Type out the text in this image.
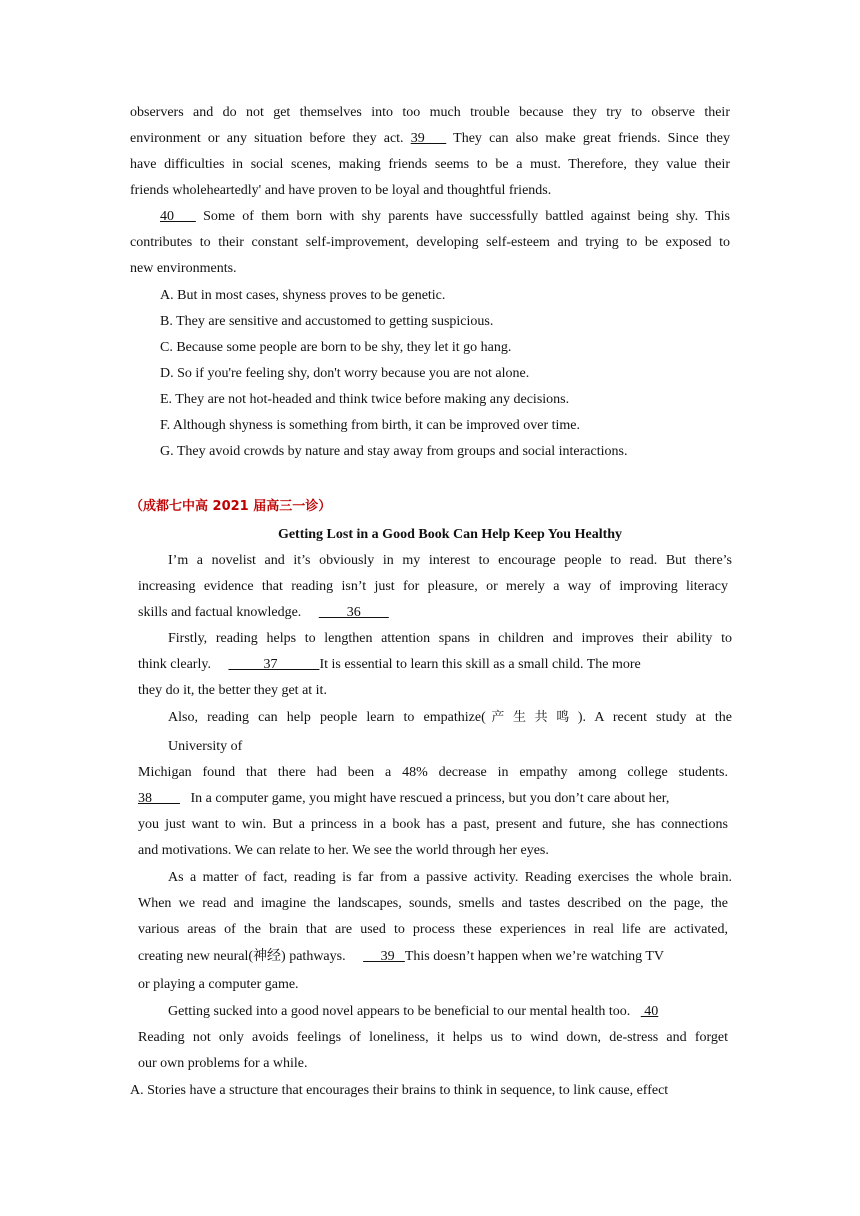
observers and do not get themselves into too much trouble because they try to observe their
environment or any situation before they act. 39    They can also make great friends. Since they
have difficulties in social scenes, making friends seems to be a must. Therefore, they value their
friends wholeheartedly' and have proven to be loyal and thoughtful friends.
40    Some of them born with shy parents have successfully battled against being shy. This
contributes to their constant self-improvement, developing self-esteem and trying to be exposed to
new environments.
A. But in most cases, shyness proves to be genetic.
B. They are sensitive and accustomed to getting suspicious.
C. Because some people are born to be shy, they let it go hang.
D. So if you're feeling shy, don't worry because you are not alone.
E. They are not hot-headed and think twice before making any decisions.
F. Although shyness is something from birth, it can be improved over time.
G. They avoid crowds by nature and stay away from groups and social interactions.
（成都七中高 2021 届高三一诊）
Getting Lost in a Good Book Can Help Keep You Healthy
I’m a novelist and it’s obviously in my interest to encourage people to read. But there’s
increasing evidence that reading isn’t just for pleasure, or merely a way of improving literacy
skills and factual knowledge.             36
Firstly, reading helps to lengthen attention spans in children and improves their ability to
think clearly.               37            It is essential to learn this skill as a small child. The more
they do it, the better they get at it.
Also, reading can help people learn to empathize(产生共鸣). A recent study at the
University of
Michigan found that there had been a 48% decrease in empathy among college students.
38           In a computer game, you might have rescued a princess, but you don’t care about her,
you just want to win. But a princess in a book has a past, present and future, she has connections
and motivations. We can relate to her. We see the world through her eyes.
As a matter of fact, reading is far from a passive activity. Reading exercises the whole brain.
When we read and imagine the landscapes, sounds, smells and tastes described on the page, the
various areas of the brain that are used to process these experiences in real life are activated,
creating new neural(神经) pathways.          39   This doesn’t happen when we’re watching TV
or playing a computer game.
Getting sucked into a good novel appears to be beneficial to our mental health too.    40
Reading not only avoids feelings of loneliness, it helps us to wind down, de-stress and forget
our own problems for a while.
A. Stories have a structure that encourages their brains to think in sequence, to link cause, effect
